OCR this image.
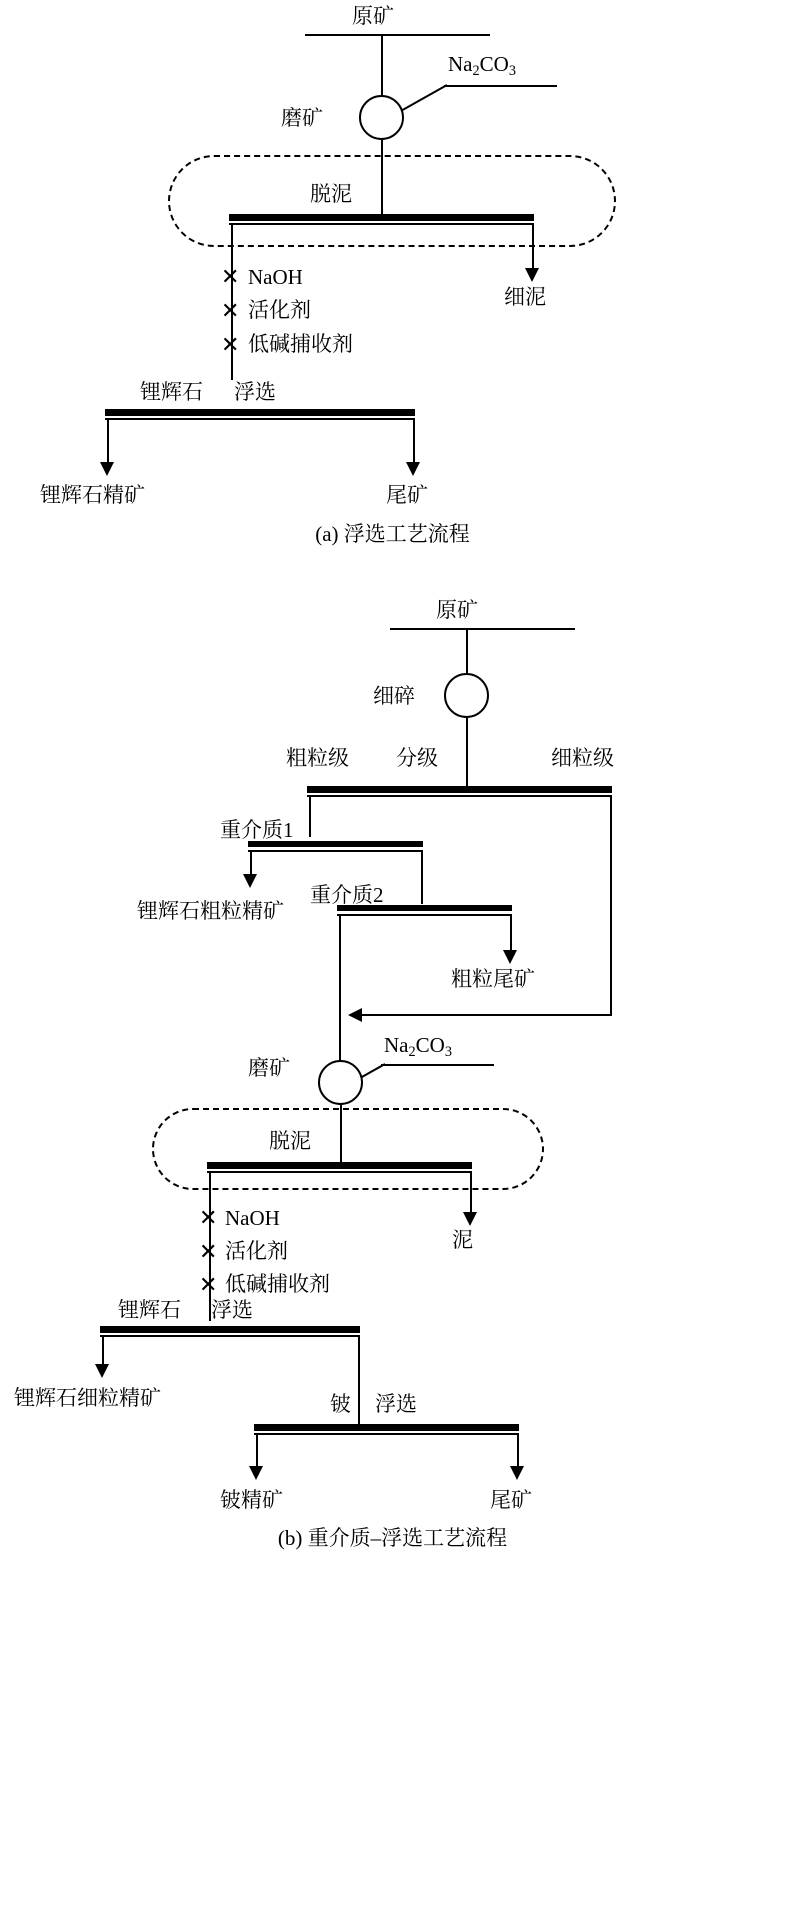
原矿
$Na_2CO_3$
磨矿
脱泥
细泥
✕ NaOH
✕ 活化剂
✕ 低碱捕收剂
锂辉石 浮选
锂辉石精矿	尾矿
(a) 浮选工艺流程
原矿
细碎
粗粒级 分级	细粒级
重介质1
重介质2
锂辉石粗粒精矿
粗粒尾矿
$Na_2CO_3$
磨矿
脱泥
泥
✕ NaOH
✕ 活化剂
✕ 低碱捕收剂
锂辉石 浮选
锂辉石细粒精矿	铍 浮选
铍精矿	尾矿
(b) 重介质–浮选工艺流程
